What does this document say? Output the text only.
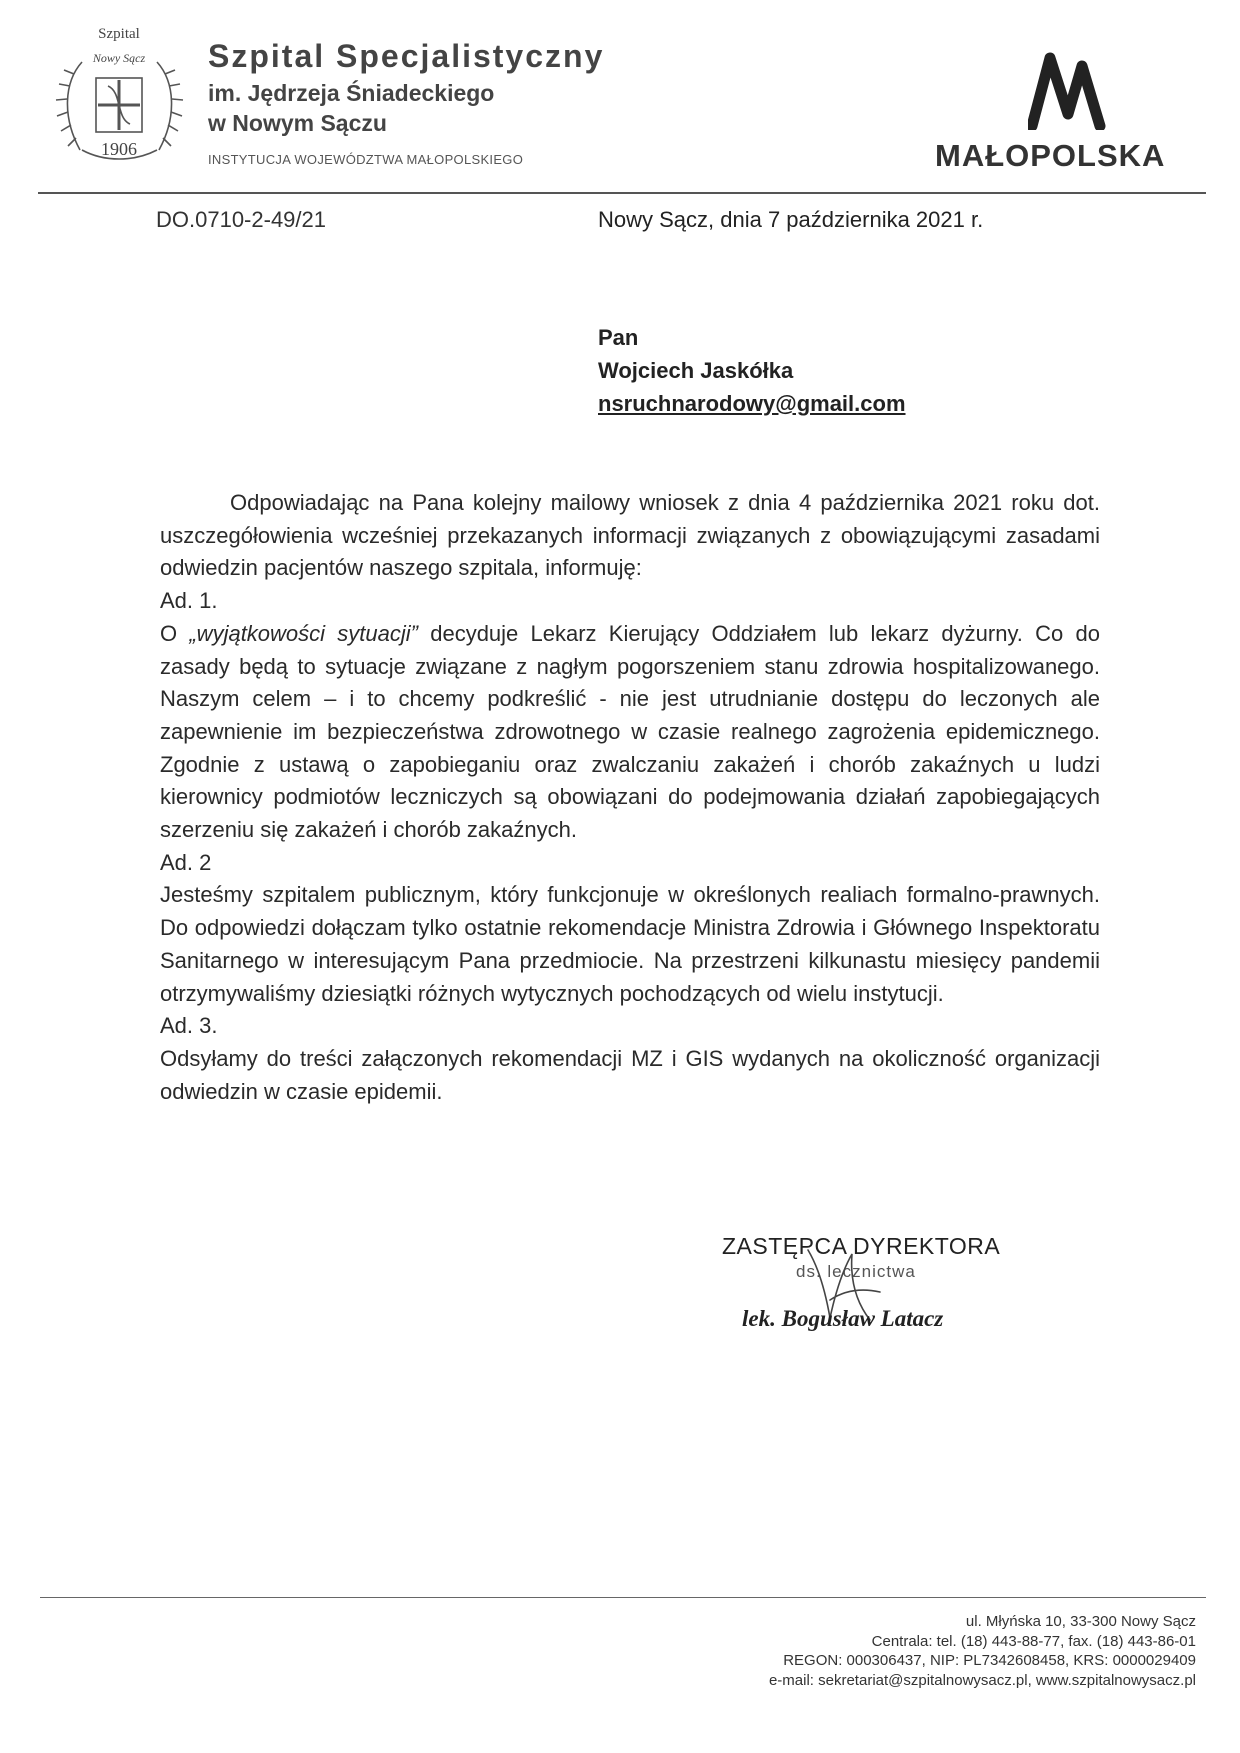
Szpital
Nowy Sącz
1906
Szpital Specjalistyczny
im. Jędrzeja Śniadeckiego
w Nowym Sączu
INSTYTUCJA WOJEWÓDZTWA MAŁOPOLSKIEGO	MAŁOPOLSKA
DO.0710-2-49/21	Nowy Sącz, dnia 7 października 2021 r.
Pan
Wojciech Jaskółka
nsruchnarodowy@gmail.com

Odpowiadając na Pana kolejny mailowy wniosek z dnia 4 października 2021 roku dot. uszczegółowienia wcześniej przekazanych informacji związanych z obowiązującymi zasadami odwiedzin pacjentów naszego szpitala, informuję:

Ad. 1.

O „wyjątkowości sytuacji” decyduje Lekarz Kierujący Oddziałem lub lekarz dyżurny. Co do zasady będą to sytuacje związane z nagłym pogorszeniem stanu zdrowia hospitalizowanego. Naszym celem – i to chcemy podkreślić - nie jest utrudnianie dostępu do leczonych ale zapewnienie im bezpieczeństwa zdrowotnego w czasie realnego zagrożenia epidemicznego. Zgodnie z ustawą o zapobieganiu oraz zwalczaniu zakażeń i chorób zakaźnych u ludzi kierownicy podmiotów leczniczych są obowiązani do podejmowania działań zapobiegających szerzeniu się zakażeń i chorób zakaźnych.

Ad. 2

Jesteśmy szpitalem publicznym, który funkcjonuje w określonych realiach formalno-prawnych. Do odpowiedzi dołączam tylko ostatnie rekomendacje Ministra Zdrowia i Głównego Inspektoratu Sanitarnego w interesującym Pana przedmiocie. Na przestrzeni kilkunastu miesięcy pandemii otrzymywaliśmy dziesiątki różnych wytycznych pochodzących od wielu instytucji.

Ad. 3.

Odsyłamy do treści załączonych rekomendacji MZ i GIS wydanych na okoliczność organizacji odwiedzin w czasie epidemii.

ZASTĘPCA DYREKTORA
ds. lecznictwa
lek. Bogusław Latacz
ul. Młyńska 10, 33-300 Nowy Sącz
Centrala: tel. (18) 443-88-77, fax. (18) 443-86-01
REGON: 000306437, NIP: PL7342608458, KRS: 0000029409
e-mail: sekretariat@szpitalnowysacz.pl, www.szpitalnowysacz.pl
